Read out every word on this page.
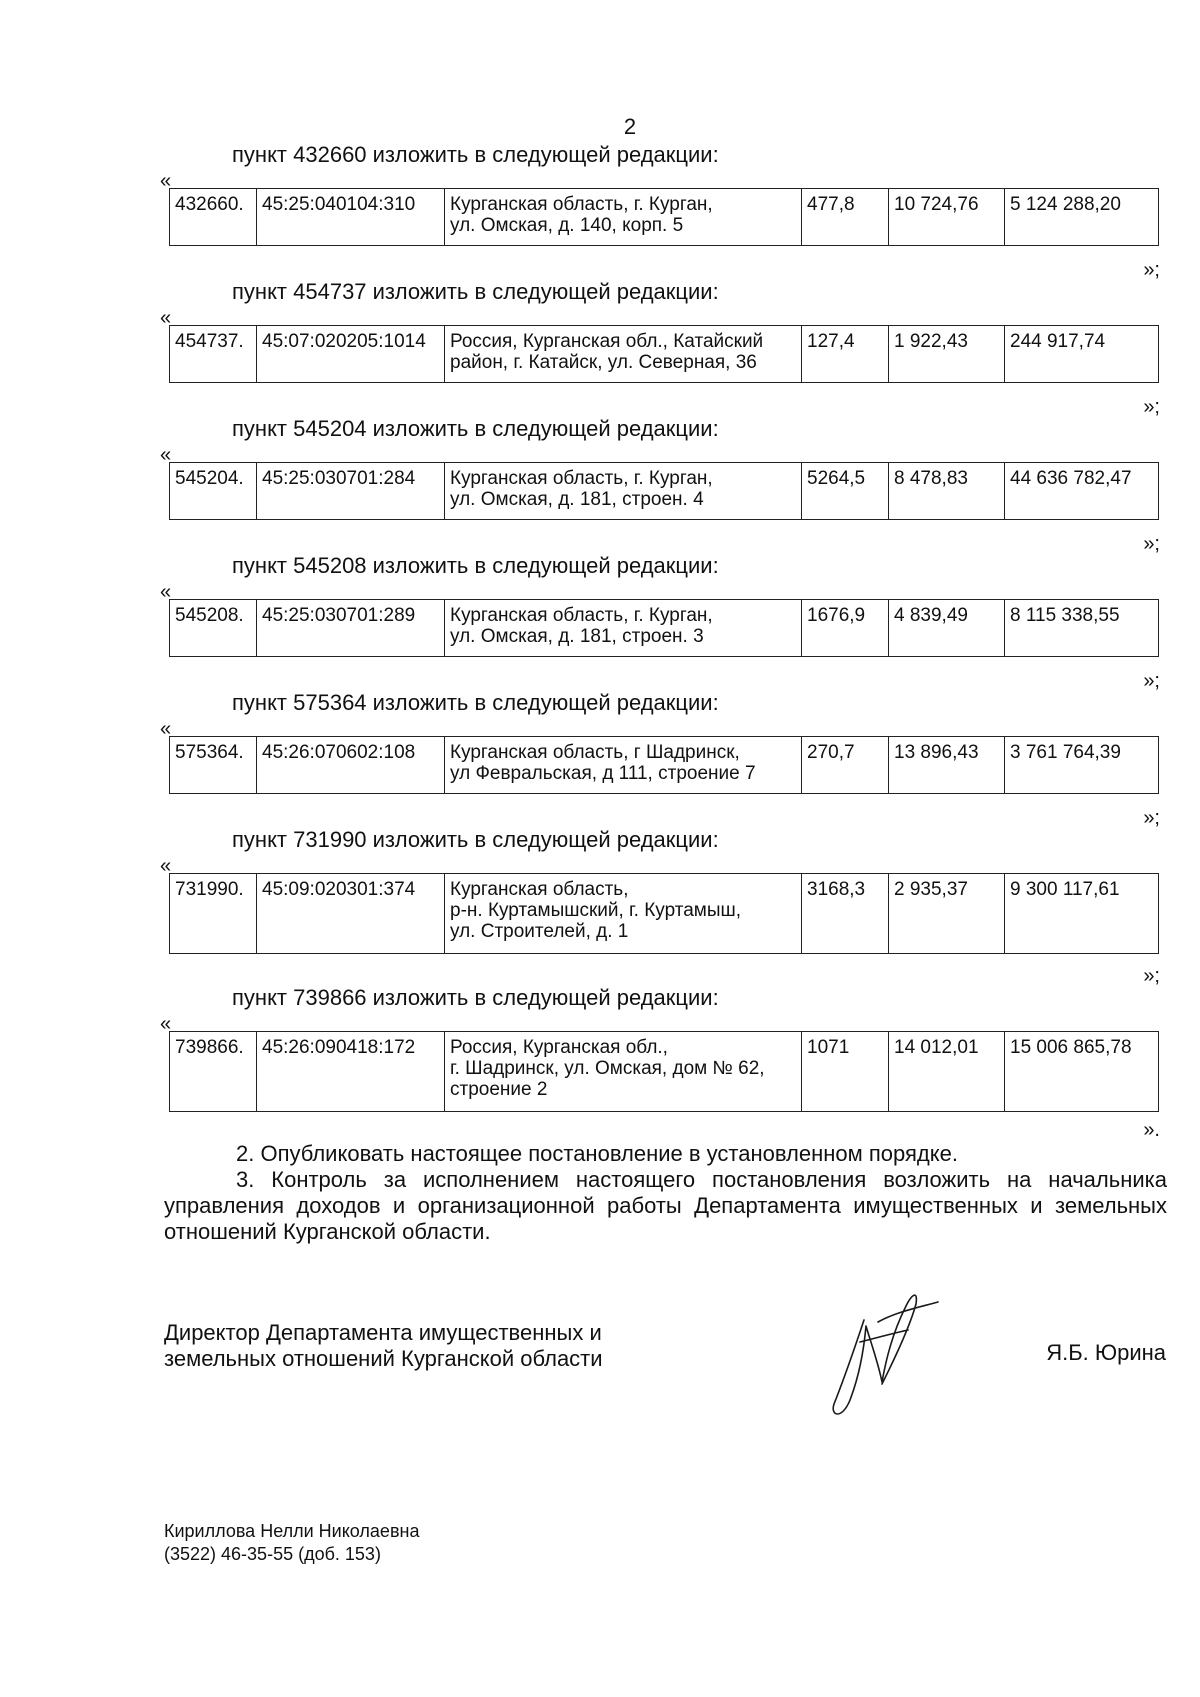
2
пункт 432660 изложить в следующей редакции:
«
432660.	45:25:040104:310	Курганская область, г. Курган,
ул. Омская, д. 140, корп. 5	477,8	10 724,76	5 124 288,20
»;
пункт 454737 изложить в следующей редакции:
«
454737.	45:07:020205:1014	Россия, Курганская обл., Катайский
район, г. Катайск, ул. Северная, 36	127,4	1 922,43	244 917,74
»;
пункт 545204 изложить в следующей редакции:
«
545204.	45:25:030701:284	Курганская область, г. Курган,
ул. Омская, д. 181, строен. 4	5264,5	8 478,83	44 636 782,47
»;
пункт 545208 изложить в следующей редакции:
«
545208.	45:25:030701:289	Курганская область, г. Курган,
ул. Омская, д. 181, строен. 3	1676,9	4 839,49	8 115 338,55
»;
пункт 575364 изложить в следующей редакции:
«
575364.	45:26:070602:108	Курганская область, г Шадринск,
ул Февральская, д 111, строение 7	270,7	13 896,43	3 761 764,39
»;
пункт 731990 изложить в следующей редакции:
«
731990.	45:09:020301:374	Курганская область,
р-н. Куртамышский, г. Куртамыш,
ул. Строителей, д. 1	3168,3	2 935,37	9 300 117,61
»;
пункт 739866 изложить в следующей редакции:
«
739866.	45:26:090418:172	Россия, Курганская обл.,
г. Шадринск, ул. Омская, дом № 62,
строение 2	1071	14 012,01	15 006 865,78
».
2. Опубликовать настоящее постановление в установленном порядке.
3. Контроль за исполнением настоящего постановления возложить на начальника управления доходов и организационной работы Департамента имущественных и земельных отношений Курганской области.
Директор Департамента имущественных и
земельных отношений Курганской области	Я.Б. Юрина
Кириллова Нелли Николаевна
(3522) 46-35-55 (доб. 153)
